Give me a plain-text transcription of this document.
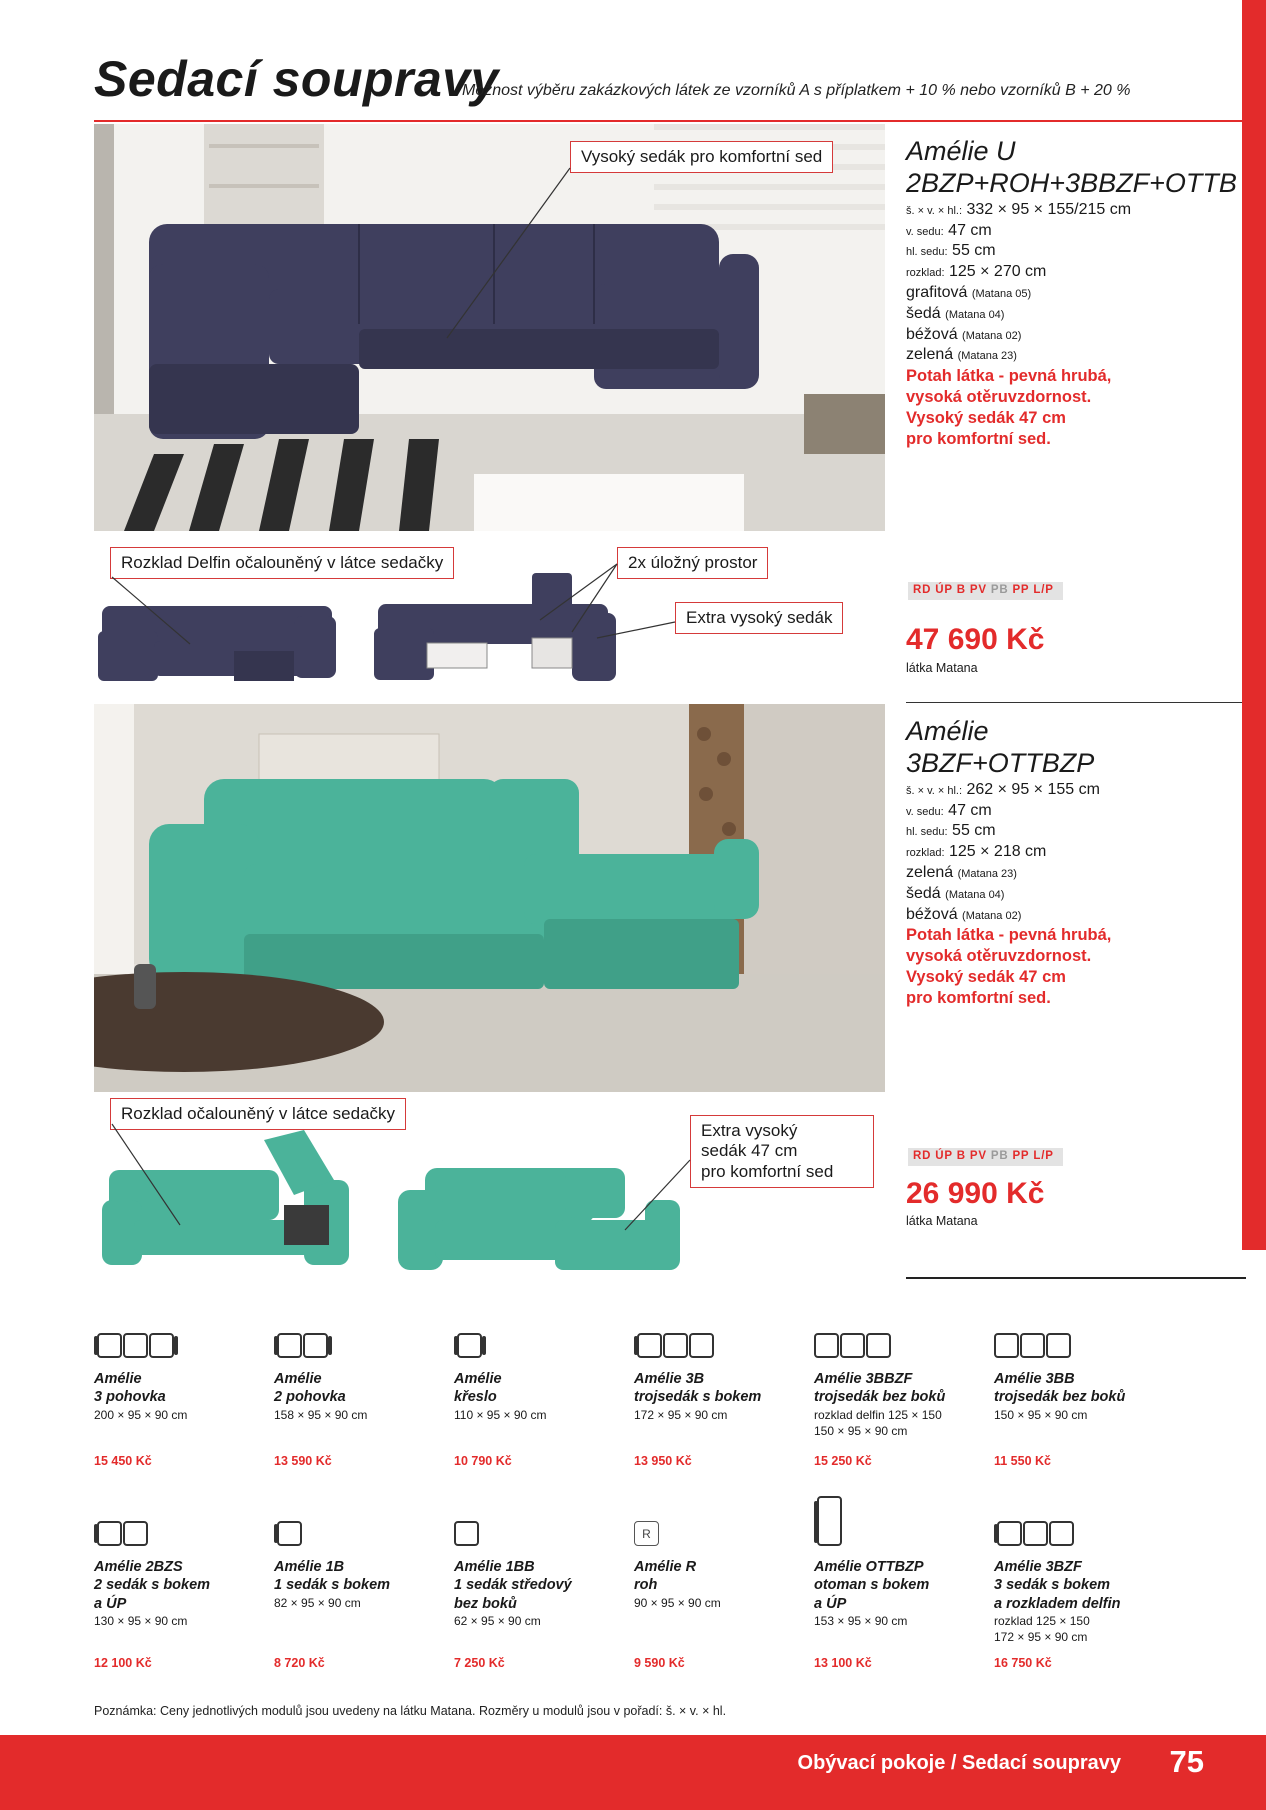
Sedací soupravy
Možnost výběru zakázkových látek ze vzorníků A s příplatkem + 10 % nebo vzorníků B + 20 %
Vysoký sedák pro komfortní sed
Rozklad Delfin očalouněný v látce sedačky	2x úložný prostor
Extra vysoký sedák
Amélie U
2BZP+ROH+3BBZF+OTTB
š. × v. × hl.: 332 × 95 × 155/215 cm
v. sedu: 47 cm
hl. sedu: 55 cm
rozklad: 125 × 270 cm
grafitová (Matana 05)
šedá (Matana 04)
béžová (Matana 02)
zelená (Matana 23)
Potah látka - pevná hrubá,
vysoká otěruvzdornost.
Vysoký sedák 47 cm
pro komfortní sed.
RD ÚP B PV PB PP L/P
47 690 Kč
látka Matana
Rozklad očalouněný v látce sedačky
Extra vysoký
sedák 47 cm
pro komfortní sed
Amélie
3BZF+OTTBZP
š. × v. × hl.: 262 × 95 × 155 cm
v. sedu: 47 cm
hl. sedu: 55 cm
rozklad: 125 × 218 cm
zelená (Matana 23)
šedá (Matana 04)
béžová (Matana 02)
Potah látka - pevná hrubá,
vysoká otěruvzdornost.
Vysoký sedák 47 cm
pro komfortní sed.
RD ÚP B PV PB PP L/P
26 990 Kč
látka Matana
Amélie
3 pohovka
200 × 95 × 90 cm
15 450 Kč
Amélie
2 pohovka
158 × 95 × 90 cm
13 590 Kč
Amélie
křeslo
110 × 95 × 90 cm
10 790 Kč
Amélie 3B
trojsedák s bokem
172 × 95 × 90 cm
13 950 Kč
Amélie 3BBZF
trojsedák bez boků
rozklad delfin 125 × 150
150 × 95 × 90 cm
15 250 Kč
Amélie 3BB
trojsedák bez boků
150 × 95 × 90 cm
11 550 Kč
Amélie 2BZS
2 sedák s bokem
a ÚP
130 × 95 × 90 cm
12 100 Kč
Amélie 1B
1 sedák s bokem
82 × 95 × 90 cm
8 720 Kč
Amélie 1BB
1 sedák středový
bez boků
62 × 95 × 90 cm
7 250 Kč
R
Amélie R
roh
90 × 95 × 90 cm
9 590 Kč
Amélie OTTBZP
otoman s bokem
a ÚP
153 × 95 × 90 cm
13 100 Kč
Amélie 3BZF
3 sedák s bokem
a rozkladem delfin
rozklad 125 × 150
172 × 95 × 90 cm
16 750 Kč
Poznámka: Ceny jednotlivých modulů jsou uvedeny na látku Matana. Rozměry u modulů jsou v pořadí: š. × v. × hl.
Obývací pokoje / Sedací soupravy 75
